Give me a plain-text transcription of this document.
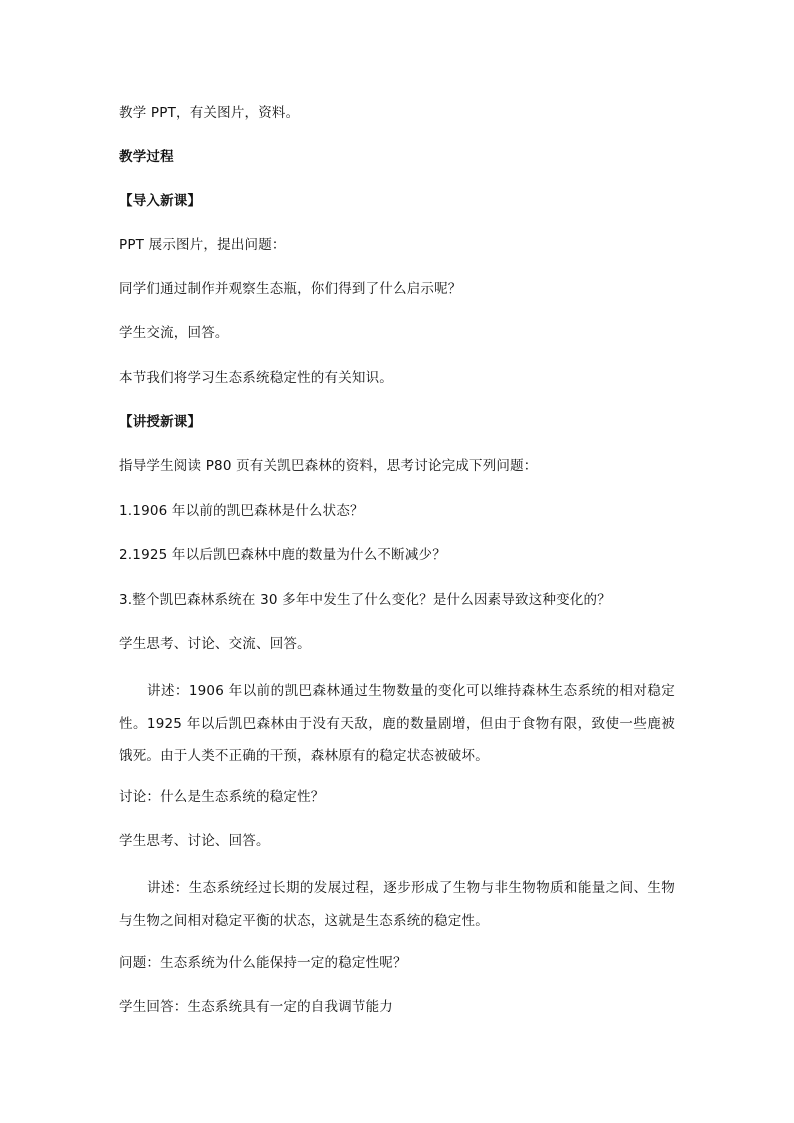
教学 PPT，有关图片，资料。
教学过程
【导入新课】
PPT 展示图片，提出问题：
同学们通过制作并观察生态瓶，你们得到了什么启示呢？
学生交流，回答。
本节我们将学习生态系统稳定性的有关知识。
【讲授新课】
指导学生阅读 P80 页有关凯巴森林的资料，思考讨论完成下列问题：
1.1906 年以前的凯巴森林是什么状态？
2.1925 年以后凯巴森林中鹿的数量为什么不断减少？
3.整个凯巴森林系统在 30 多年中发生了什么变化？是什么因素导致这种变化的？
学生思考、讨论、交流、回答。
讲述：1906 年以前的凯巴森林通过生物数量的变化可以维持森林生态系统的相对稳定性。1925 年以后凯巴森林由于没有天敌，鹿的数量剧增，但由于食物有限，致使一些鹿被饿死。由于人类不正确的干预，森林原有的稳定状态被破坏。
讨论：什么是生态系统的稳定性？
学生思考、讨论、回答。
讲述：生态系统经过长期的发展过程，逐步形成了生物与非生物物质和能量之间、生物与生物之间相对稳定平衡的状态，这就是生态系统的稳定性。
问题：生态系统为什么能保持一定的稳定性呢？
学生回答：生态系统具有一定的自我调节能力
